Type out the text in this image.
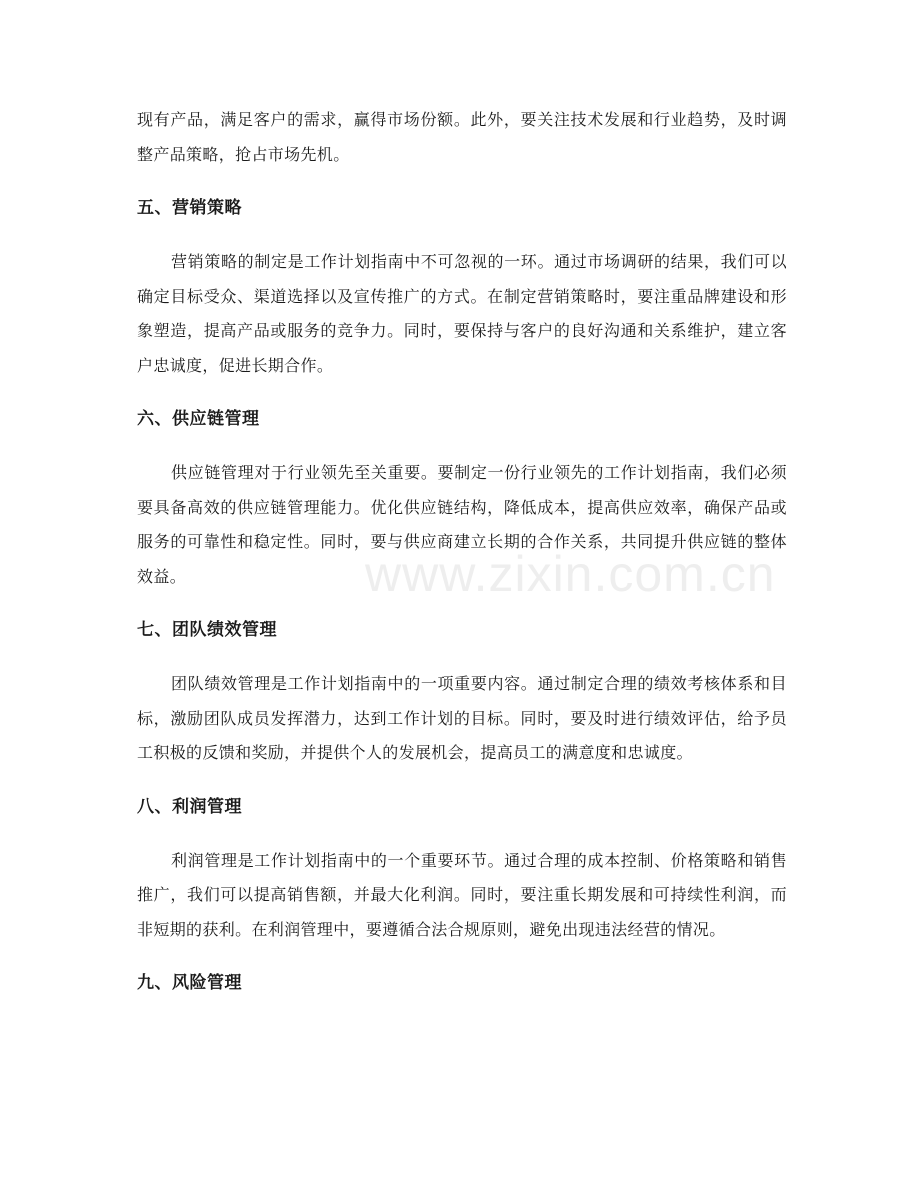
现有产品，满足客户的需求，赢得市场份额。此外，要关注技术发展和行业趋势，及时调整产品策略，抢占市场先机。

五、营销策略

营销策略的制定是工作计划指南中不可忽视的一环。通过市场调研的结果，我们可以确定目标受众、渠道选择以及宣传推广的方式。在制定营销策略时，要注重品牌建设和形象塑造，提高产品或服务的竞争力。同时，要保持与客户的良好沟通和关系维护，建立客户忠诚度，促进长期合作。

六、供应链管理

供应链管理对于行业领先至关重要。要制定一份行业领先的工作计划指南，我们必须要具备高效的供应链管理能力。优化供应链结构，降低成本，提高供应效率，确保产品或服务的可靠性和稳定性。同时，要与供应商建立长期的合作关系，共同提升供应链的整体效益。

七、团队绩效管理

团队绩效管理是工作计划指南中的一项重要内容。通过制定合理的绩效考核体系和目标，激励团队成员发挥潜力，达到工作计划的目标。同时，要及时进行绩效评估，给予员工积极的反馈和奖励，并提供个人的发展机会，提高员工的满意度和忠诚度。

八、利润管理

利润管理是工作计划指南中的一个重要环节。通过合理的成本控制、价格策略和销售推广，我们可以提高销售额，并最大化利润。同时，要注重长期发展和可持续性利润，而非短期的获利。在利润管理中，要遵循合法合规原则，避免出现违法经营的情况。

九、风险管理
www.zixin.com.cn
